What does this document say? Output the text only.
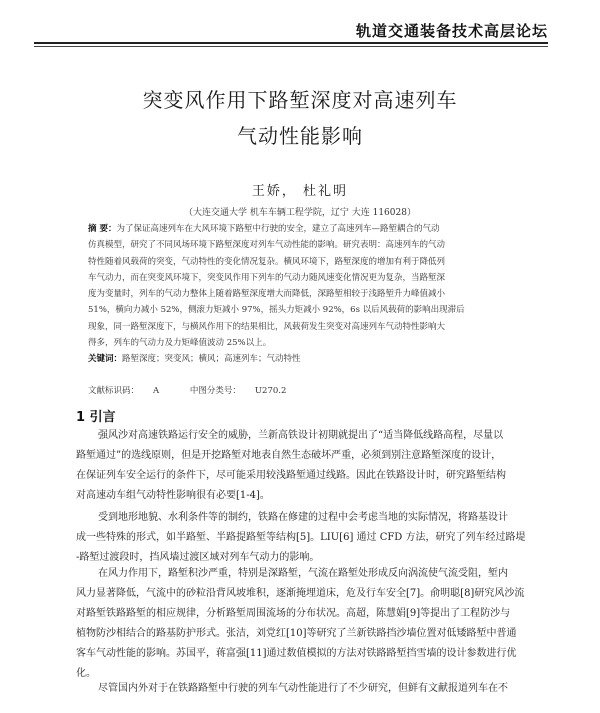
轨道交通装备技术高层论坛
突变风作用下路堑深度对高速列车
气动性能影响
王娇， 杜礼明
（大连交通大学 机车车辆工程学院，辽宁 大连 116028）
摘 要：为了保证高速列车在大风环境下路堑中行驶的安全，建立了高速列车—路堑耦合的气动
仿真模型，研究了不同风场环境下路堑深度对列车气动性能的影响。研究表明：高速列车的气动
特性随着风载荷的突变，气动特性的变化情况复杂。横风环境下，路堑深度的增加有利于降低列
车气动力，而在突变风环境下，突变风作用下列车的气动力随风速变化情况更为复杂，当路堑深
度为变量时，列车的气动力整体上随着路堑深度增大而降低，深路堑相较于浅路堑升力峰值减小
51%，横向力减小 52%，侧滚力矩减小 97%，摇头力矩减小 92%，6s 以后风载荷的影响出现滞后
现象，同一路堑深度下，与横风作用下的结果相比，风载荷发生突变对高速列车气动特性影响大
得多，列车的气动力及力矩峰值波动 25%以上。
关键词：路堑深度；突变风；横风；高速列车；气动特性
文献标识码： A	中图分类号： U270.2
1 引言
强风沙对高速铁路运行安全的威胁，兰新高铁设计初期就提出了“适当降低线路高程，尽量以
路堑通过”的选线原则，但是开挖路堑对地表自然生态破坏严重，必须到别注意路堑深度的设计，
在保证列车安全运行的条件下，尽可能采用较浅路堑通过线路。因此在铁路设计时，研究路堑结构
对高速动车组气动特性影响很有必要[1-4]。
受到地形地貌、水利条件等的制约，铁路在修建的过程中会考虑当地的实际情况，将路基设计
成一些特殊的形式，如半路堑、半路提路堑等结构[5]。LIU[6] 通过 CFD 方法，研究了列车经过路堤
-路堑过渡段时，挡风墙过渡区域对列车气动力的影响。
在风力作用下，路堑积沙严重，特别是深路堑，气流在路堑处形成反向涡流使气流受阻，堑内
风力显著降低，气流中的砂粒沿背风坡堆积，逐渐掩埋道床，危及行车安全[7]。俞明聪[8]研究风沙流
对路堑铁路路堑的相应规律，分析路堑周围流场的分布状况。高超，陈慧娟[9]等提出了工程防沙与
植物防沙相结合的路基防护形式。张洁，刘党红[10]等研究了兰新铁路挡沙墙位置对低矮路堑中普通
客车气动性能的影响。苏国平，蒋富强[11]通过数值模拟的方法对铁路路堑挡雪墙的设计参数进行优
化。
尽管国内外对于在铁路路堑中行驶的列车气动性能进行了不少研究，但鲜有文献报道列车在不
